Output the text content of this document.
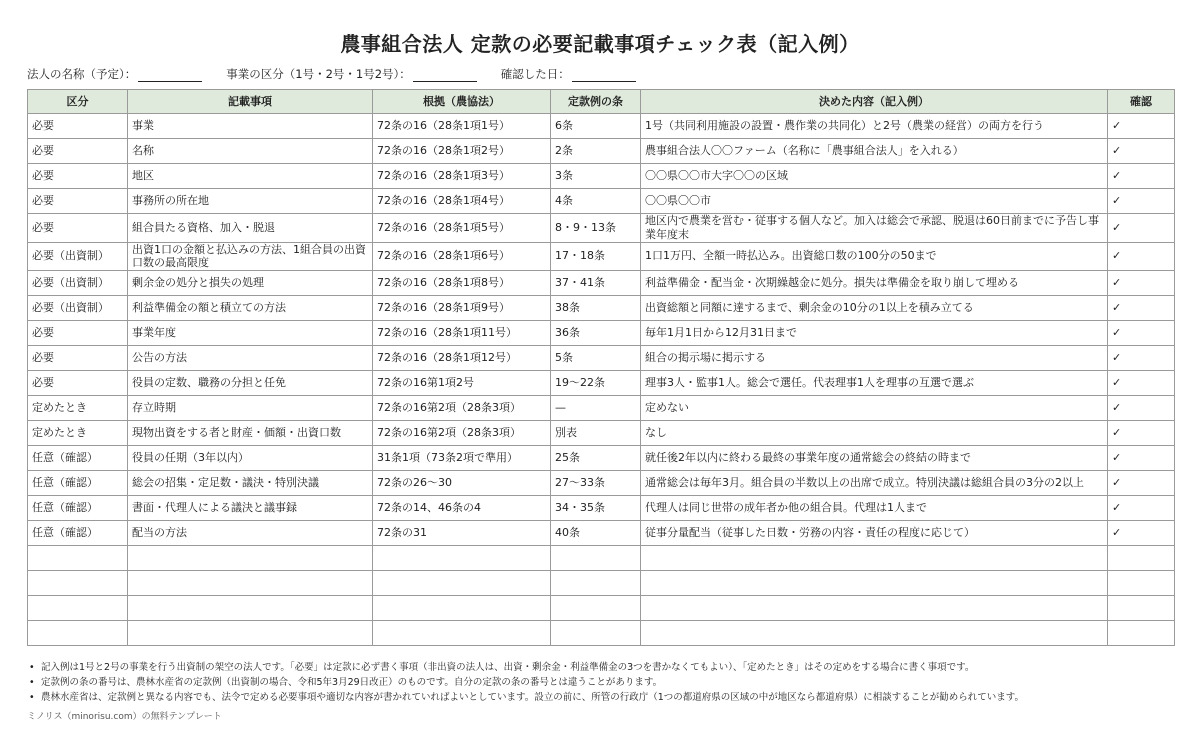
農事組合法人 定款の必要記載事項チェック表（記入例）
法人の名称（予定）：	事業の区分（1号・2号・1号2号）：	確認した日：
区分	記載事項	根拠（農協法）	定款例の条	決めた内容（記入例）	確認
必要	事業	72条の16（28条1項1号）	6条	1号（共同利用施設の設置・農作業の共同化）と2号（農業の経営）の両方を行う	✓
必要	名称	72条の16（28条1項2号）	2条	農事組合法人〇〇ファーム（名称に「農事組合法人」を入れる）	✓
必要	地区	72条の16（28条1項3号）	3条	〇〇県〇〇市大字〇〇の区域	✓
必要	事務所の所在地	72条の16（28条1項4号）	4条	〇〇県〇〇市	✓
必要	組合員たる資格、加入・脱退	72条の16（28条1項5号）	8・9・13条	地区内で農業を営む・従事する個人など。加入は総会で承認、脱退は60日前までに予告し事業年度末	✓
必要（出資制）	出資1口の金額と払込みの方法、1組合員の出資口数の最高限度	72条の16（28条1項6号）	17・18条	1口1万円、全額一時払込み。出資総口数の100分の50まで	✓
必要（出資制）	剰余金の処分と損失の処理	72条の16（28条1項8号）	37・41条	利益準備金・配当金・次期繰越金に処分。損失は準備金を取り崩して埋める	✓
必要（出資制）	利益準備金の額と積立ての方法	72条の16（28条1項9号）	38条	出資総額と同額に達するまで、剰余金の10分の1以上を積み立てる	✓
必要	事業年度	72条の16（28条1項11号）	36条	毎年1月1日から12月31日まで	✓
必要	公告の方法	72条の16（28条1項12号）	5条	組合の掲示場に掲示する	✓
必要	役員の定数、職務の分担と任免	72条の16第1項2号	19〜22条	理事3人・監事1人。総会で選任。代表理事1人を理事の互選で選ぶ	✓
定めたとき	存立時期	72条の16第2項（28条3項）	—	定めない	✓
定めたとき	現物出資をする者と財産・価額・出資口数	72条の16第2項（28条3項）	別表	なし	✓
任意（確認）	役員の任期（3年以内）	31条1項（73条2項で準用）	25条	就任後2年以内に終わる最終の事業年度の通常総会の終結の時まで	✓
任意（確認）	総会の招集・定足数・議決・特別決議	72条の26〜30	27〜33条	通常総会は毎年3月。組合員の半数以上の出席で成立。特別決議は総組合員の3分の2以上	✓
任意（確認）	書面・代理人による議決と議事録	72条の14、46条の4	34・35条	代理人は同じ世帯の成年者か他の組合員。代理は1人まで	✓
任意（確認）	配当の方法	72条の31	40条	従事分量配当（従事した日数・労務の内容・責任の程度に応じて）	✓

• 記入例は1号と2号の事業を行う出資制の架空の法人です。「必要」は定款に必ず書く事項（非出資の法人は、出資・剰余金・利益準備金の3つを書かなくてもよい）、「定めたとき」はその定めをする場合に書く事項です。
• 定款例の条の番号は、農林水産省の定款例（出資制の場合、令和5年3月29日改正）のものです。自分の定款の条の番号とは違うことがあります。
• 農林水産省は、定款例と異なる内容でも、法令で定める必要事項や適切な内容が書かれていればよいとしています。設立の前に、所管の行政庁（1つの都道府県の区域の中が地区なら都道府県）に相談することが勧められています。
ミノリス（minorisu.com）の無料テンプレート
